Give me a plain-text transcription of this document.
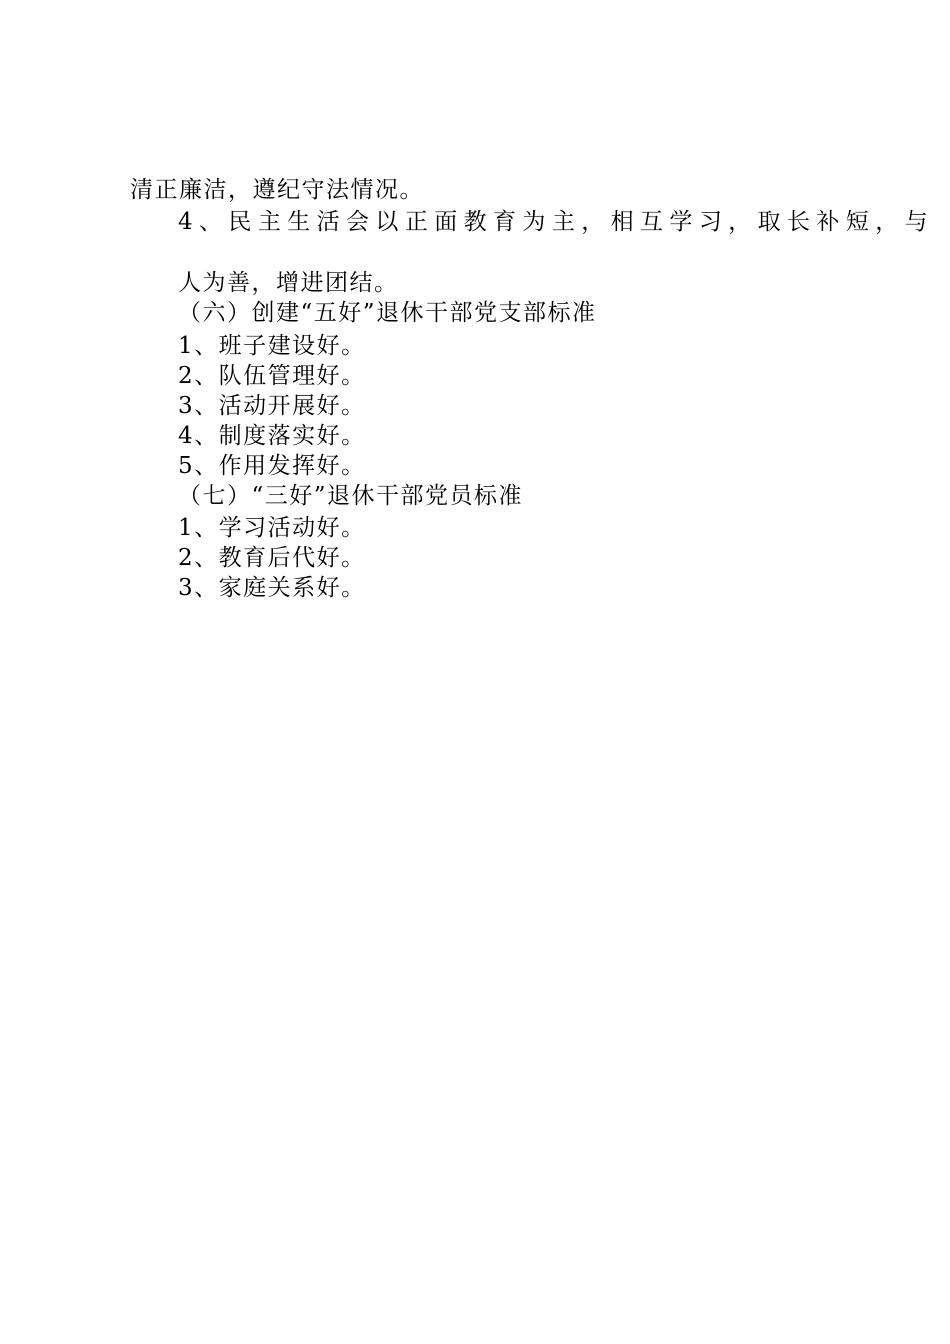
清正廉洁，遵纪守法情况。
4、民主生活会以正面教育为主，相互学习，取长补短，与
人为善，增进团结。
（六）创建“五好”退休干部党支部标准
1、班子建设好。
2、队伍管理好。
3、活动开展好。
4、制度落实好。
5、作用发挥好。
（七）“三好”退休干部党员标准
1、学习活动好。
2、教育后代好。
3、家庭关系好。
